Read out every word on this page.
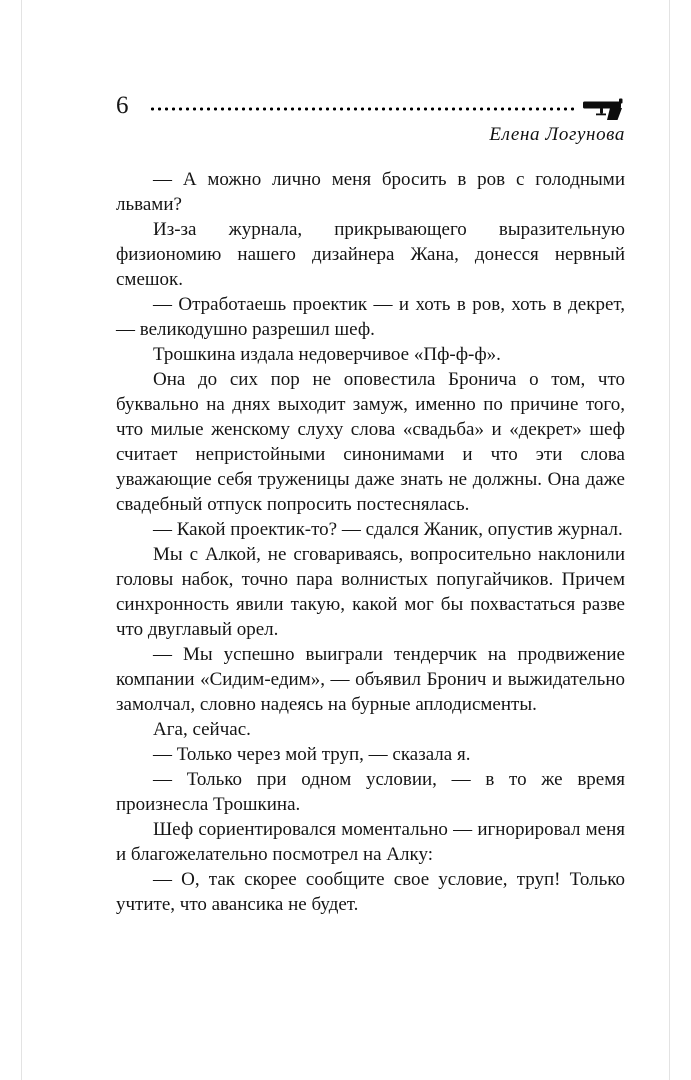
6
Елена Логунова

— А можно лично меня бросить в ров с голодными львами?

Из-за журнала, прикрывающего выразительную физиономию нашего дизайнера Жана, донесся нервный смешок.

— Отработаешь проектик — и хоть в ров, хоть в декрет, — великодушно разрешил шеф.

Трошкина издала недоверчивое «Пф-ф-ф».

Она до сих пор не оповестила Бронича о том, что буквально на днях выходит замуж, именно по причине того, что милые женскому слуху слова «свадьба» и «декрет» шеф считает непристойными синонимами и что эти слова уважающие себя труженицы даже знать не должны. Она даже свадебный отпуск попросить постеснялась.

— Какой проектик-то? — сдался Жаник, опустив журнал.

Мы с Алкой, не сговариваясь, вопросительно наклонили головы набок, точно пара волнистых попугайчиков. Причем синхронность явили такую, какой мог бы похвастаться разве что двуглавый орел.

— Мы успешно выиграли тендерчик на продвижение компании «Сидим-едим», — объявил Бронич и выжидательно замолчал, словно надеясь на бурные аплодисменты.

Ага, сейчас.

— Только через мой труп, — сказала я.

— Только при одном условии, — в то же время произнесла Трошкина.

Шеф сориентировался моментально — игнорировал меня и благожелательно посмотрел на Алку:

— О, так скорее сообщите свое условие, труп! Только учтите, что авансика не будет.
